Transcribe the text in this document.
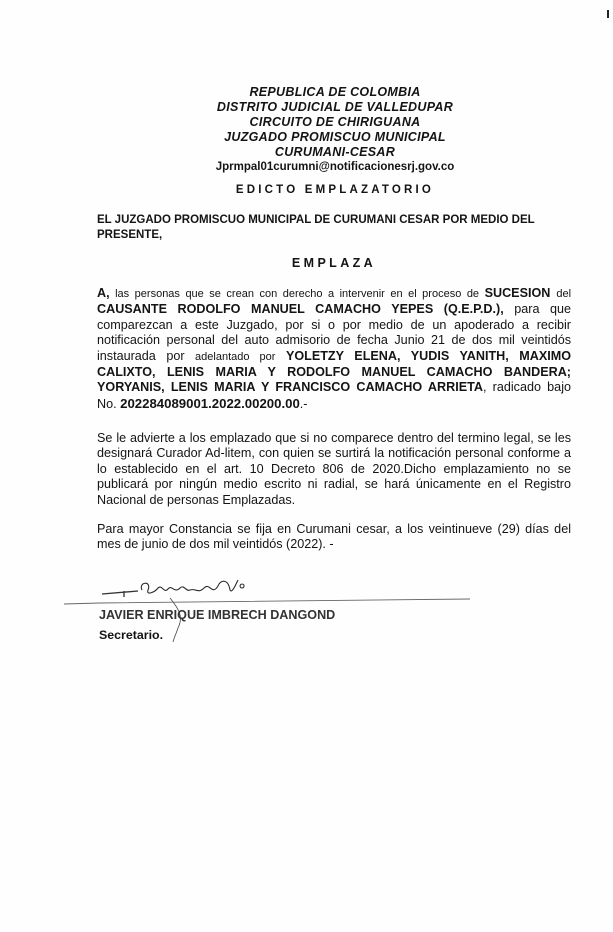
REPUBLICA DE COLOMBIA
DISTRITO JUDICIAL DE VALLEDUPAR
CIRCUITO DE CHIRIGUANA
JUZGADO PROMISCUO MUNICIPAL
CURUMANI-CESAR
Jprmpal01curumni@notificacionesrj.gov.co
EDICTO EMPLAZATORIO
EL JUZGADO PROMISCUO MUNICIPAL DE CURUMANI CESAR POR MEDIO DEL PRESENTE,
EMPLAZA
A, las personas que se crean con derecho a intervenir en el proceso de SUCESION del CAUSANTE RODOLFO MANUEL CAMACHO YEPES (Q.E.P.D.), para que comparezcan a este Juzgado, por si o por medio de un apoderado a recibir notificación personal del auto admisorio de fecha Junio 21 de dos mil veintidós instaurada por adelantado por YOLETZY ELENA, YUDIS YANITH, MAXIMO CALIXTO, LENIS MARIA Y RODOLFO MANUEL CAMACHO BANDERA; YORYANIS, LENIS MARIA Y FRANCISCO CAMACHO ARRIETA, radicado bajo No. 202284089001.2022.00200.00.-
Se le advierte a los emplazado que si no comparece dentro del termino legal, se les designará Curador Ad-litem, con quien se surtirá la notificación personal conforme a lo establecido en el art. 10 Decreto 806 de 2020.Dicho emplazamiento no se publicará por ningún medio escrito ni radial, se hará únicamente en el Registro Nacional de personas Emplazadas.
Para mayor Constancia se fija en Curumani cesar, a los veintinueve (29) días del mes de junio de dos mil veintidós (2022). -
JAVIER ENRIQUE IMBRECH DANGOND
Secretario.
